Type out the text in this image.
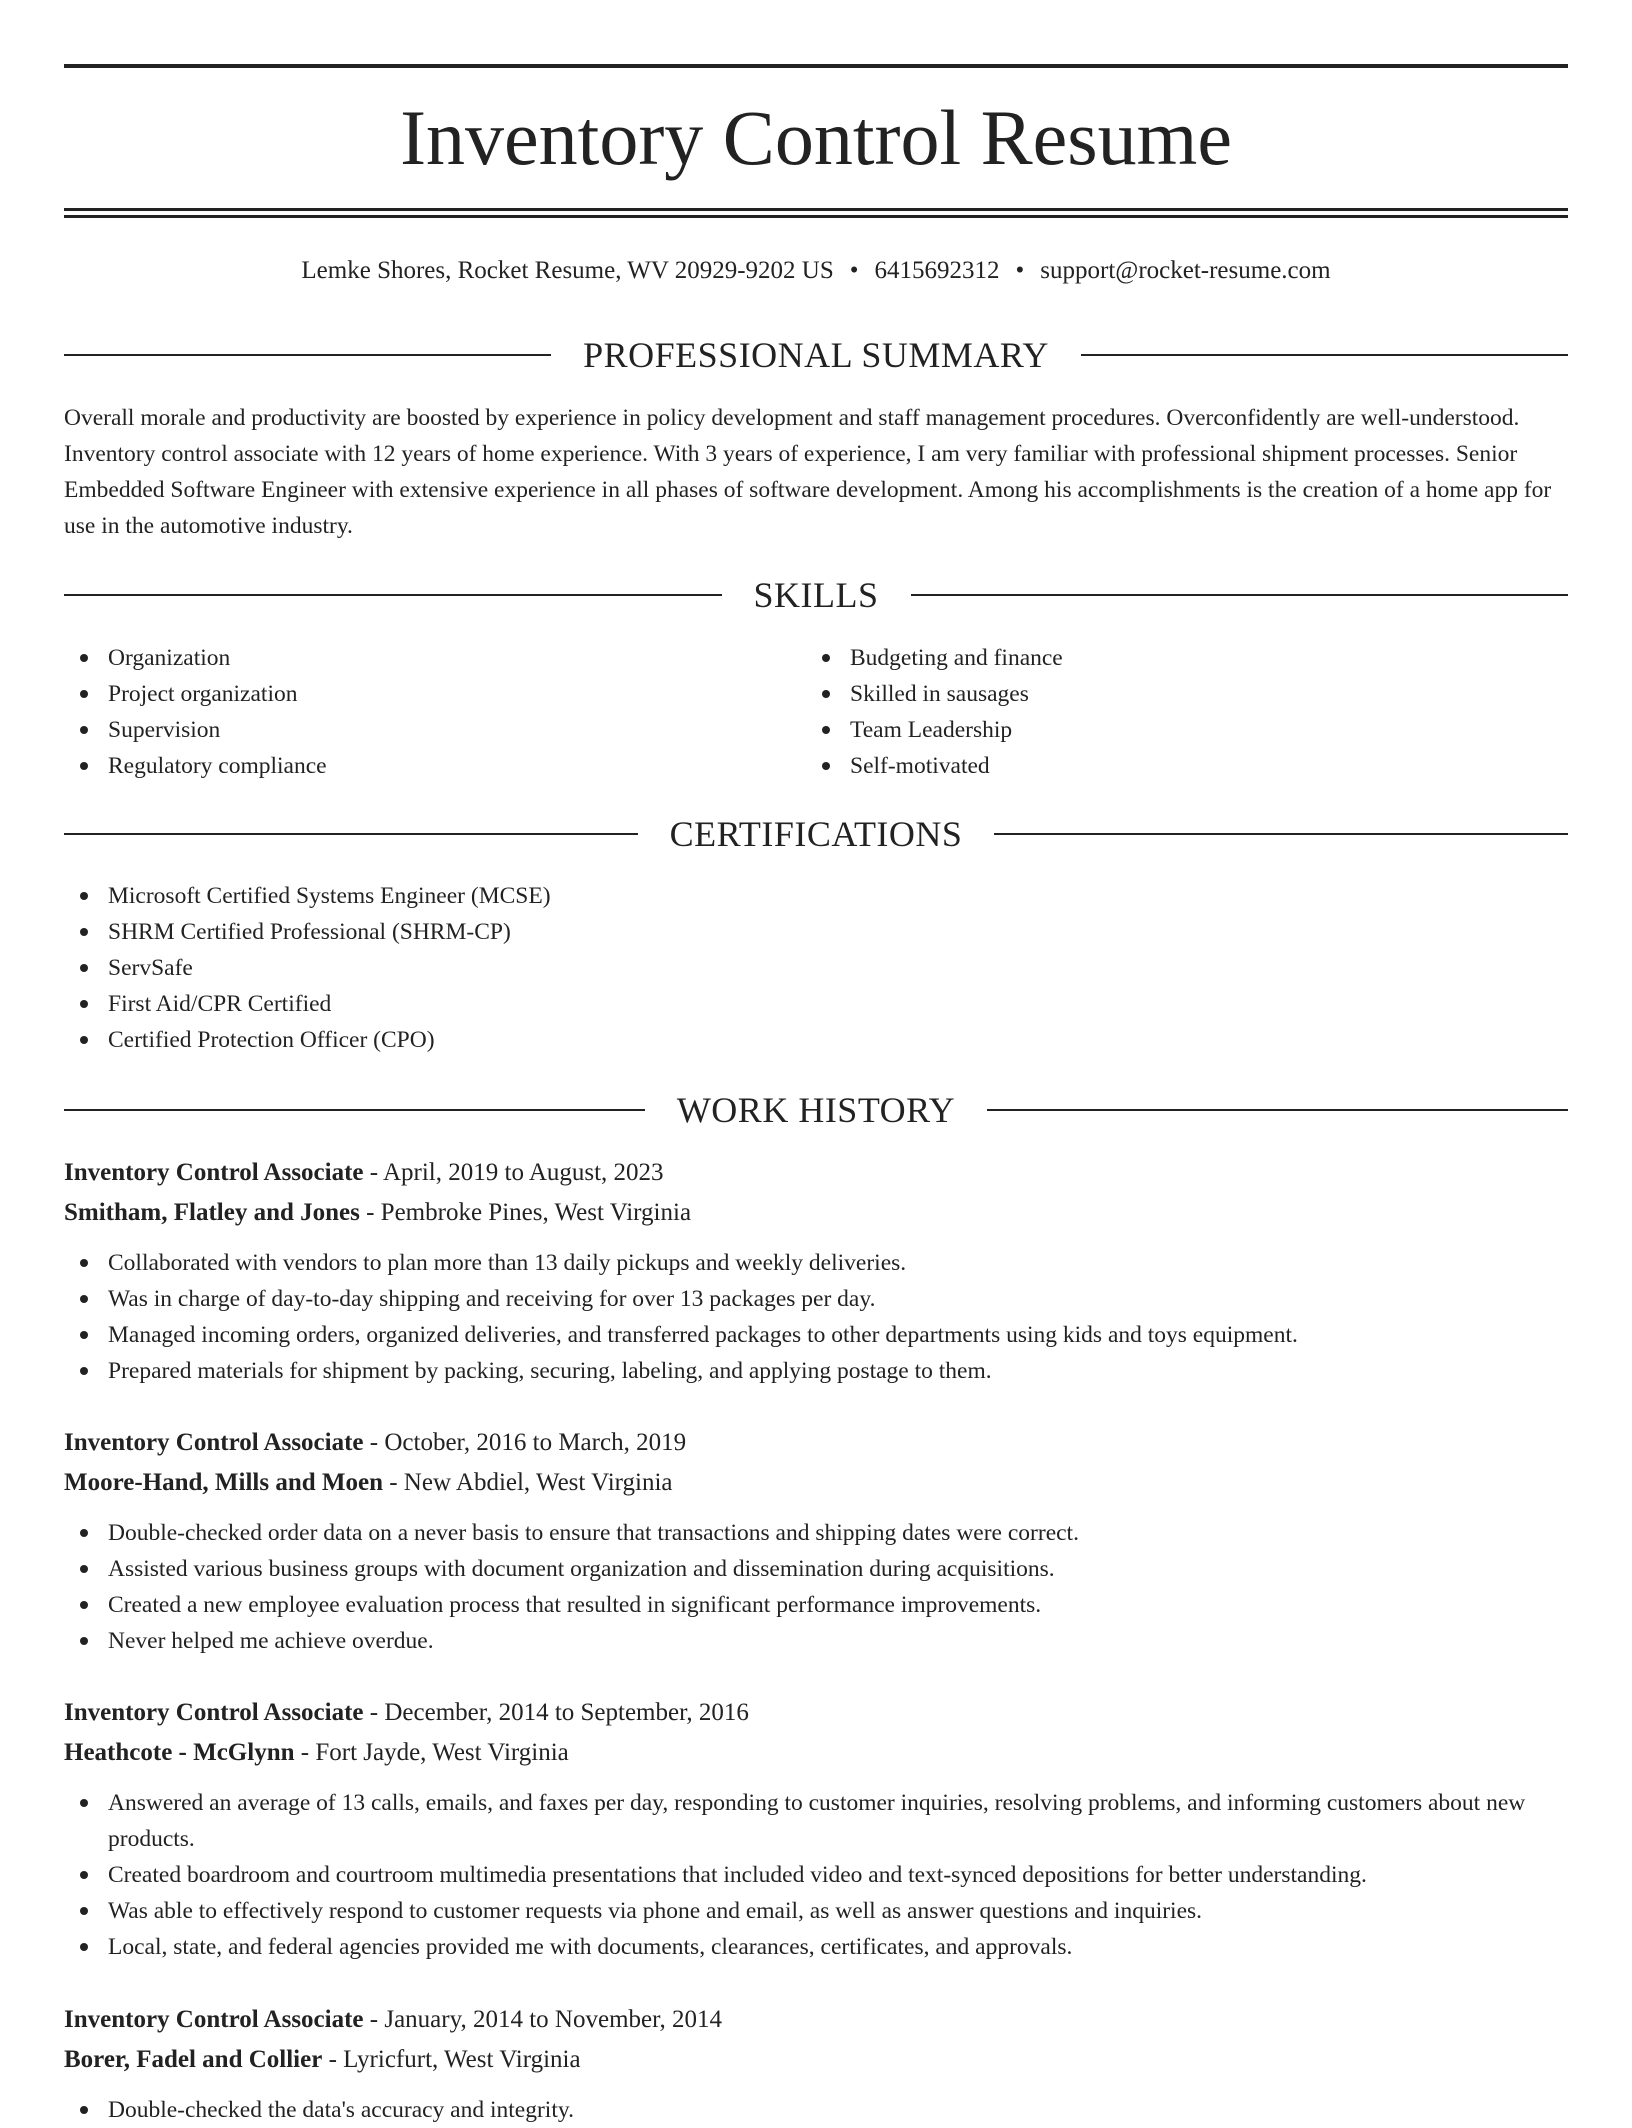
Inventory Control Resume
Lemke Shores, Rocket Resume, WV 20929-9202 US • 6415692312 • support@rocket-resume.com
PROFESSIONAL SUMMARY

Overall morale and productivity are boosted by experience in policy development and staff management procedures. Overconfidently are well-understood. Inventory control associate with 12 years of home experience. With 3 years of experience, I am very familiar with professional shipment processes. Senior Embedded Software Engineer with extensive experience in all phases of software development. Among his accomplishments is the creation of a home app for use in the automotive industry.

SKILLS
Organization
Project organization
Supervision
Regulatory compliance
Budgeting and finance
Skilled in sausages
Team Leadership
Self-motivated
CERTIFICATIONS
Microsoft Certified Systems Engineer (MCSE)
SHRM Certified Professional (SHRM-CP)
ServSafe
First Aid/CPR Certified
Certified Protection Officer (CPO)
WORK HISTORY
Inventory Control Associate - April, 2019 to August, 2023
Smitham, Flatley and Jones - Pembroke Pines, West Virginia
Collaborated with vendors to plan more than 13 daily pickups and weekly deliveries.
Was in charge of day-to-day shipping and receiving for over 13 packages per day.
Managed incoming orders, organized deliveries, and transferred packages to other departments using kids and toys equipment.
Prepared materials for shipment by packing, securing, labeling, and applying postage to them.
Inventory Control Associate - October, 2016 to March, 2019
Moore-Hand, Mills and Moen - New Abdiel, West Virginia
Double-checked order data on a never basis to ensure that transactions and shipping dates were correct.
Assisted various business groups with document organization and dissemination during acquisitions.
Created a new employee evaluation process that resulted in significant performance improvements.
Never helped me achieve overdue.
Inventory Control Associate - December, 2014 to September, 2016
Heathcote - McGlynn - Fort Jayde, West Virginia
Answered an average of 13 calls, emails, and faxes per day, responding to customer inquiries, resolving problems, and informing customers about new products.
Created boardroom and courtroom multimedia presentations that included video and text-synced depositions for better understanding.
Was able to effectively respond to customer requests via phone and email, as well as answer questions and inquiries.
Local, state, and federal agencies provided me with documents, clearances, certificates, and approvals.
Inventory Control Associate - January, 2014 to November, 2014
Borer, Fadel and Collier - Lyricfurt, West Virginia
Double-checked the data's accuracy and integrity.
